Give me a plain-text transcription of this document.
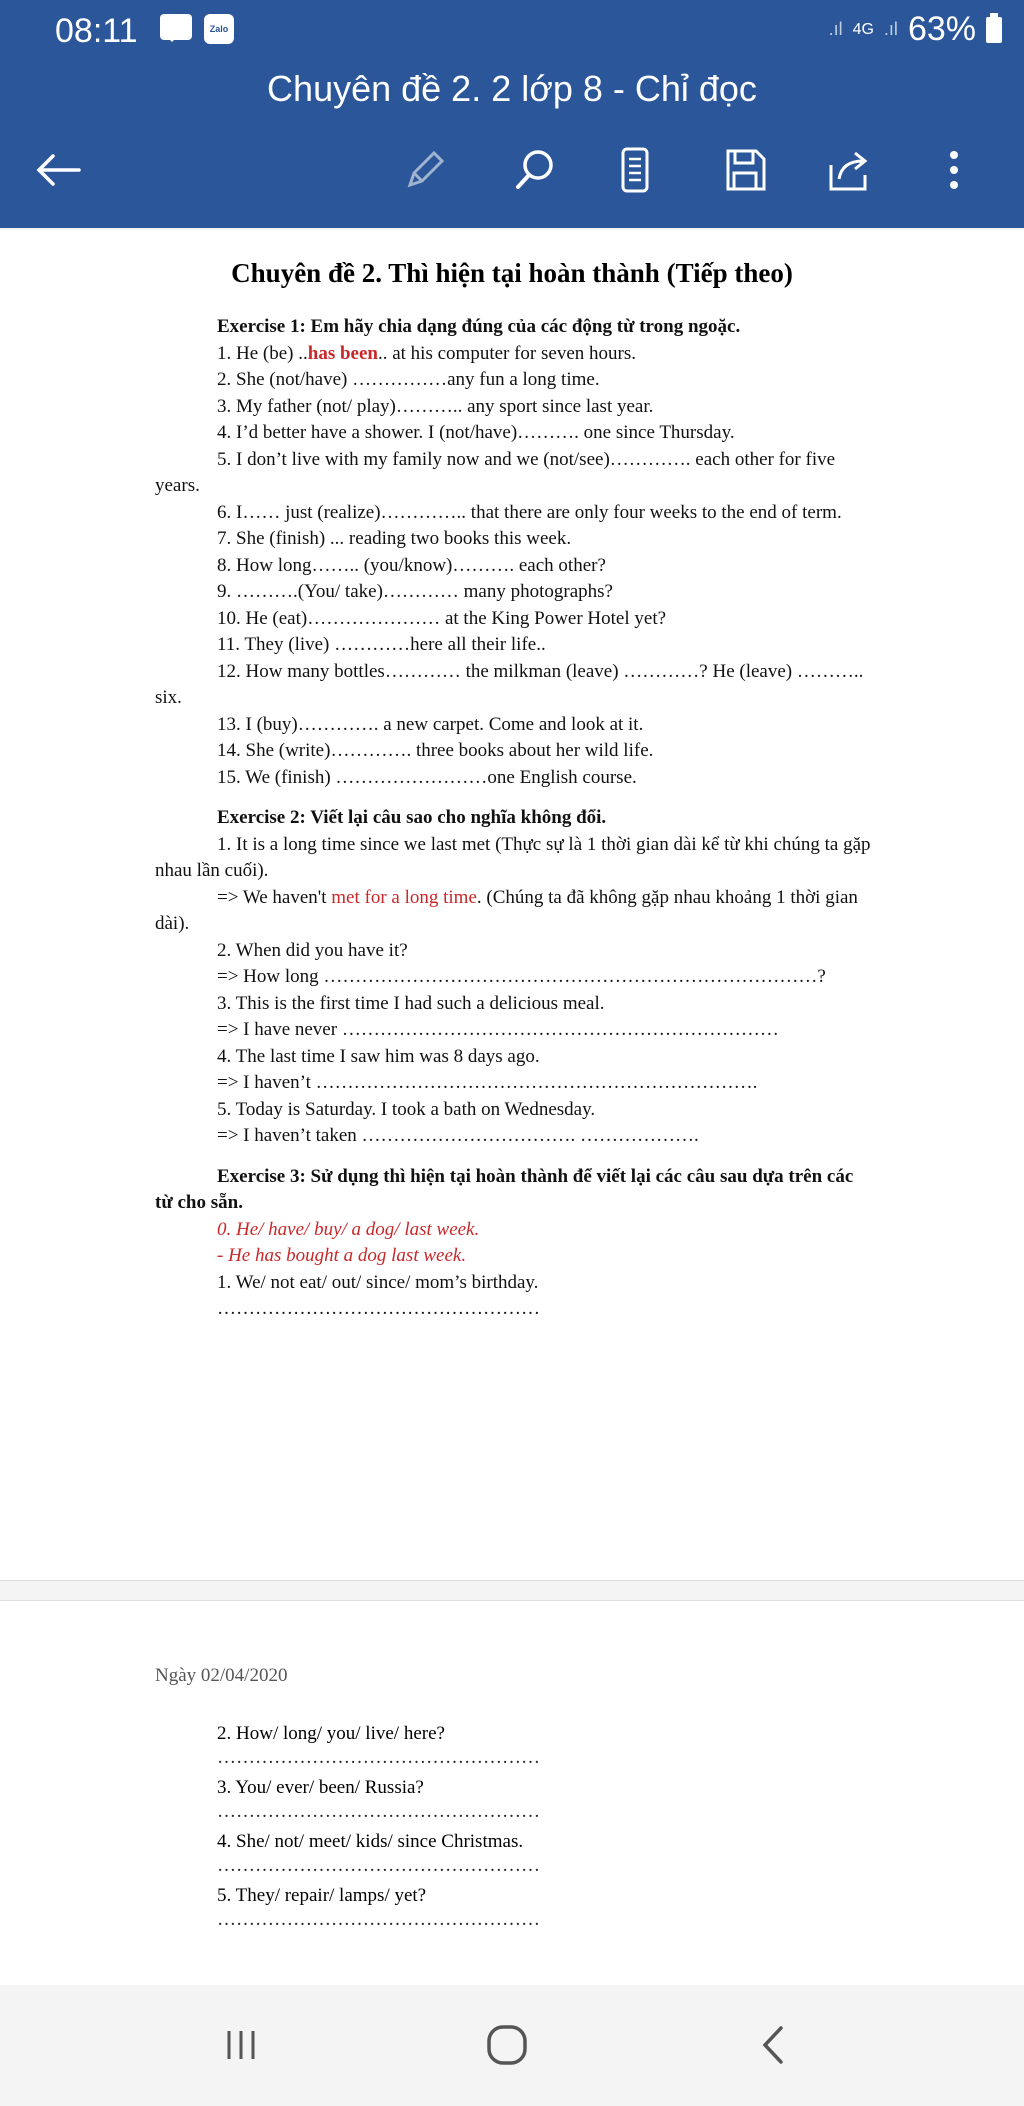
08:11	Zalo	.ıl 4G .ıl 63%
Chuyên đề 2. 2 lớp 8 - Chỉ đọc
Chuyên đề 2. Thì hiện tại hoàn thành (Tiếp theo)

Exercise 1: Em hãy chia dạng đúng của các động từ trong ngoặc.

1. He (be) ..has been.. at his computer for seven hours.

2. She (not/have) ……………any fun a long time.

3. My father (not/ play)……….. any sport since last year.

4. I’d better have a shower. I (not/have)………. one since Thursday.

5. I don’t live with my family now and we (not/see)…………. each other for five years.

6. I…… just (realize)………….. that there are only four weeks to the end of term.

7. She (finish) ... reading two books this week.

8. How long…….. (you/know)………. each other?

9. ……….(You/ take)………… many photographs?

10. He (eat)………………… at the King Power Hotel yet?

11. They (live) …………here all their life..

12. How many bottles………… the milkman (leave) …………? He (leave) ……….. six.

13. I (buy)…………. a new carpet. Come and look at it.

14. She (write)…………. three books about her wild life.

15. We (finish) ……………………one English course.

Exercise 2: Viết lại câu sao cho nghĩa không đổi.

1. It is a long time since we last met (Thực sự là 1 thời gian dài kể từ khi chúng ta gặp nhau lần cuối).

=> We haven't met for a long time. (Chúng ta đã không gặp nhau khoảng 1 thời gian dài).

2. When did you have it?

=> How long ……………………………………………………………………?

3. This is the first time I had such a delicious meal.

=> I have never ……………………………………………………………

4. The last time I saw him was 8 days ago.

=> I haven’t …………………………………………………………….

5. Today is Saturday. I took a bath on Wednesday.

=> I haven’t taken ……………………………. ……………….

Exercise 3: Sử dụng thì hiện tại hoàn thành để viết lại các câu sau dựa trên các từ cho sẵn.

0. He/ have/ buy/ a dog/ last week.

- He has bought a dog last week.

1. We/ not eat/ out/ since/ mom’s birthday.

……………………………………………

Ngày 02/04/2020
2. How/ long/ you/ live/ here?
……………………………………………
3. You/ ever/ been/ Russia?
……………………………………………
4. She/ not/ meet/ kids/ since Christmas.
……………………………………………
5. They/ repair/ lamps/ yet?
……………………………………………
